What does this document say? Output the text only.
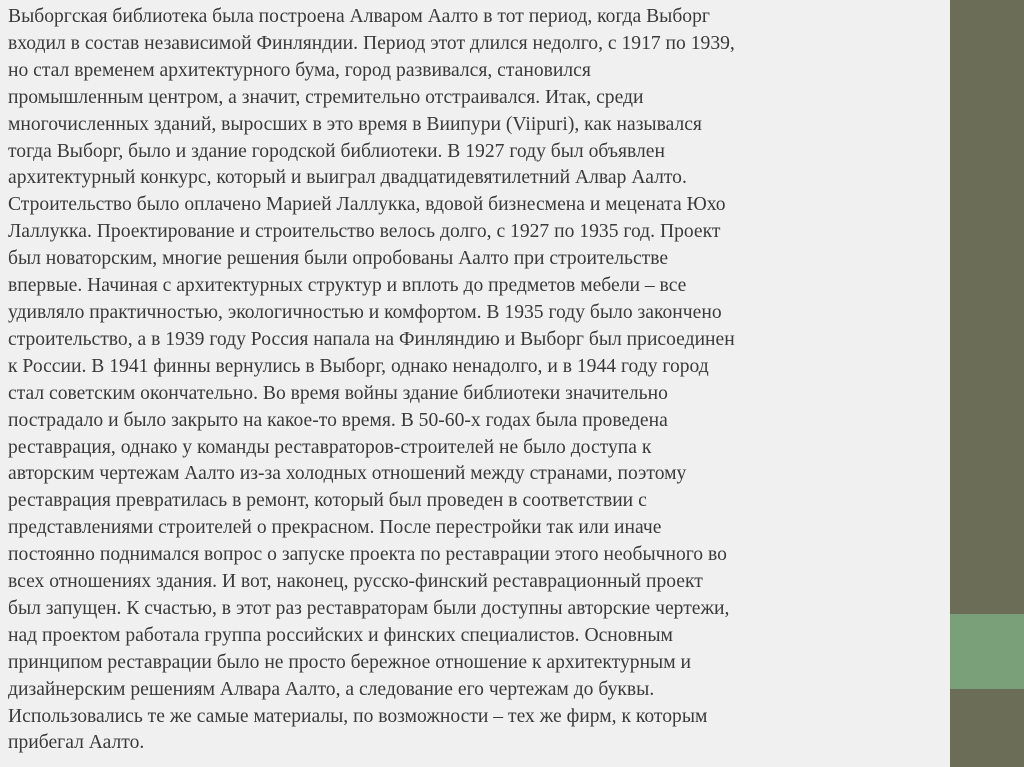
Выборгская библиотека была построена Алваром Аалто в тот период, когда Выборг
входил в состав независимой Финляндии. Период этот длился недолго, с 1917 по 1939,
но стал временем архитектурного бума, город развивался, становился
промышленным центром, а значит, стремительно отстраивался. Итак, среди
многочисленных зданий, выросших в это время в Виипури (Viipuri), как назывался
тогда Выборг, было и здание городской библиотеки. В 1927 году был объявлен
архитектурный конкурс, который и выиграл двадцатидевятилетний Алвар Аалто.
Строительство было оплачено Марией Лаллукка, вдовой бизнесмена и мецената Юхо
Лаллукка. Проектирование и строительство велось долго, с 1927 по 1935 год. Проект
был новаторским, многие решения были опробованы Аалто при строительстве
впервые. Начиная с архитектурных структур и вплоть до предметов мебели – все
удивляло практичностью, экологичностью и комфортом. В 1935 году было закончено
строительство, а в 1939 году Россия напала на Финляндию и Выборг был присоединен
к России. В 1941 финны вернулись в Выборг, однако ненадолго, и в 1944 году город
стал советским окончательно. Во время войны здание библиотеки значительно
пострадало и было закрыто на какое-то время. В 50-60-х годах была проведена
реставрация, однако у команды реставраторов-строителей не было доступа к
авторским чертежам Аалто из-за холодных отношений между странами, поэтому
реставрация превратилась в ремонт, который был проведен в соответствии с
представлениями строителей о прекрасном. После перестройки так или иначе
постоянно поднимался вопрос о запуске проекта по реставрации этого необычного во
всех отношениях здания. И вот, наконец, русско-финский реставрационный проект
был запущен. К счастью, в этот раз реставраторам были доступны авторские чертежи,
над проектом работала группа российских и финских специалистов. Основным
принципом реставрации было не просто бережное отношение к архитектурным и
дизайнерским решениям Алвара Аалто, а следование его чертежам до буквы.
Использовались те же самые материалы, по возможности – тех же фирм, к которым
прибегал Аалто.
